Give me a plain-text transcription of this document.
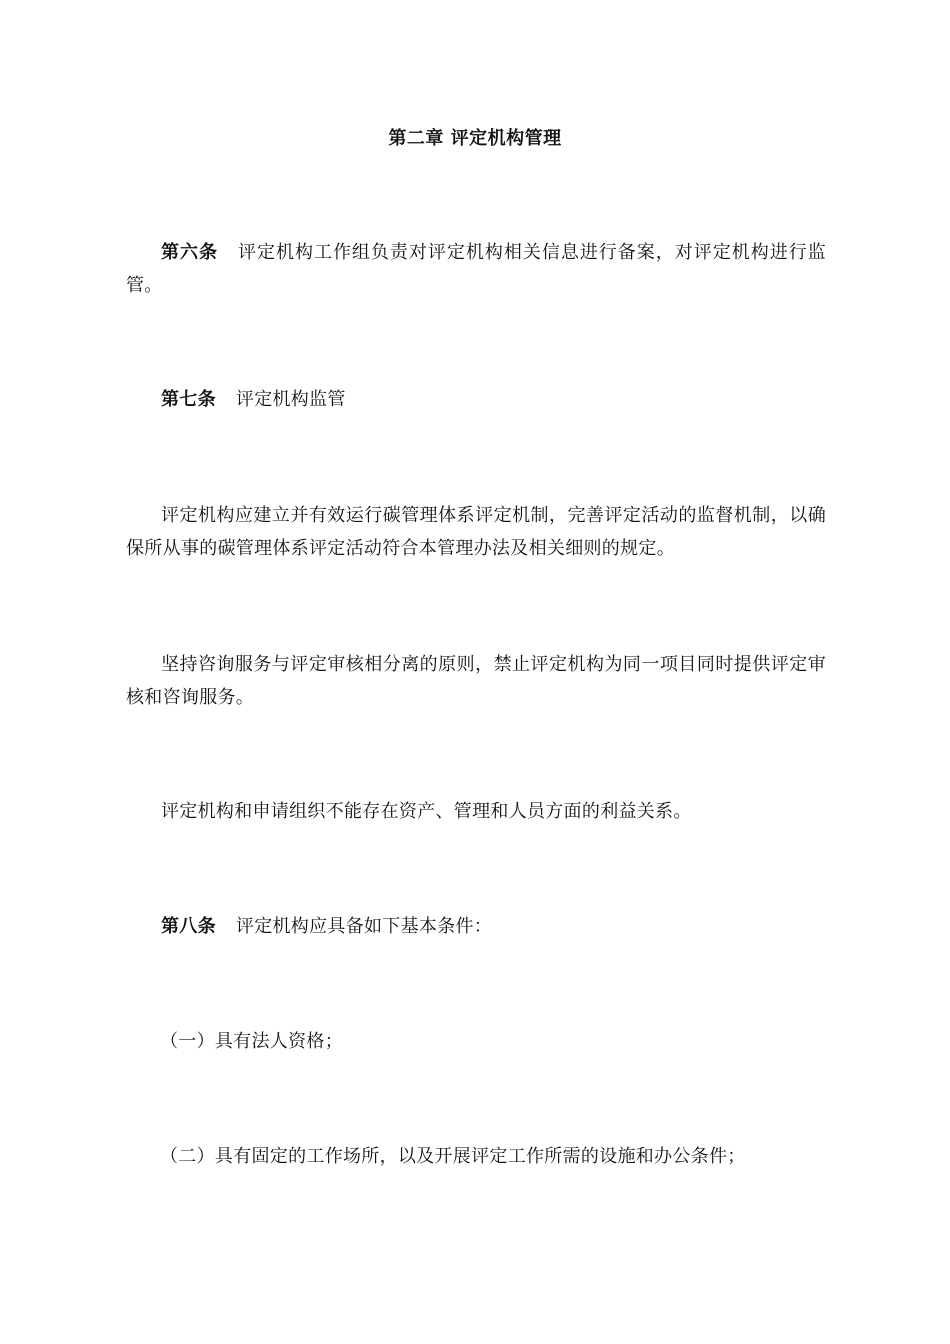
第二章 评定机构管理
第六条 评定机构工作组负责对评定机构相关信息进行备案，对评定机构进行监管。
第七条 评定机构监管
评定机构应建立并有效运行碳管理体系评定机制，完善评定活动的监督机制，以确保所从事的碳管理体系评定活动符合本管理办法及相关细则的规定。
坚持咨询服务与评定审核相分离的原则，禁止评定机构为同一项目同时提供评定审核和咨询服务。
评定机构和申请组织不能存在资产、管理和人员方面的利益关系。
第八条 评定机构应具备如下基本条件：
（一）具有法人资格；
（二）具有固定的工作场所，以及开展评定工作所需的设施和办公条件；
